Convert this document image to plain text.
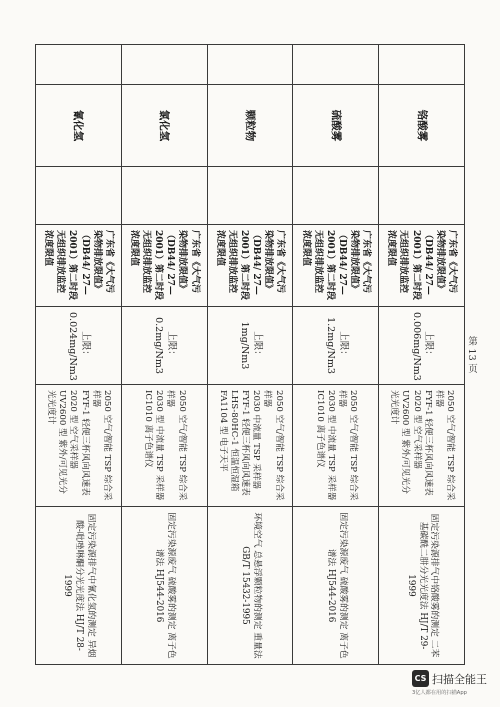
	铬酸雾		广东省《大气污染物排放限值》（DB44/ 27— 2001）第二时段无组织排放监控浓度限值	上限： 0.006mg/Nm3	2050 空气/智能 TSP 综合采样器
FYF-1 轻便三杯风向风速表
2020 型 空气采样器
UV2600 型 紫外/可见光分光光度计	固定污染源排气中铬酸雾的测定 二苯基碳酰二肼分光光度法 HJ/T 29-1999
	硫酸雾		广东省《大气污染物排放限值》（DB44/ 27— 2001）第二时段无组织排放监控浓度限值	上限： 1.2mg/Nm3	2050 空气/智能 TSP 综合采样器
2030 型 中流量 TSP 采样器
IC1010 离子色谱仪	固定污染源废气 硫酸雾的测定 离子色谱法 HJ544-2016
	颗粒物		广东省《大气污染物排放限值》（DB44/ 27— 2001）第二时段无组织排放监控浓度限值	上限： 1mg/Nm3	2050 空气/智能 TSP 综合采样器
2030 中流量 TSP 采样器 FYF-1 轻便三杯风向风速表
LHS-80HC-1 恒温恒湿箱
FA1104 型 电子天平	环境空气 总悬浮颗粒物的测定 重量法 GB/T 15432-1995
	氯化氢		广东省《大气污染物排放限值》（DB44/ 27— 2001）第二时段无组织排放监控浓度限值	上限： 0.2mg/Nm3	2050 空气/智能 TSP 综合采样器
2030 型 中流量 TSP 采样器
IC1010 离子色谱仪	固定污染源废气 硫酸雾的测定 离子色谱法 HJ544-2016
	氰化氢		广东省《大气污染物排放限值》（DB44/ 27— 2001）第二时段无组织排放监控浓度限值	上限： 0.024mg/Nm3	2050 空气/智能 TSP 综合采样器
FYF-1 轻便三杯风向风速表
2020 型 空气采样器
UV2600 型 紫外/可见光分光光度计	固定污染源排气中氰化氢的测定 异烟酸-吡唑啉酮分光光度法 HJ/T 28-1999
第 13 页
CS 扫描全能王
3亿人都在用的扫描App
